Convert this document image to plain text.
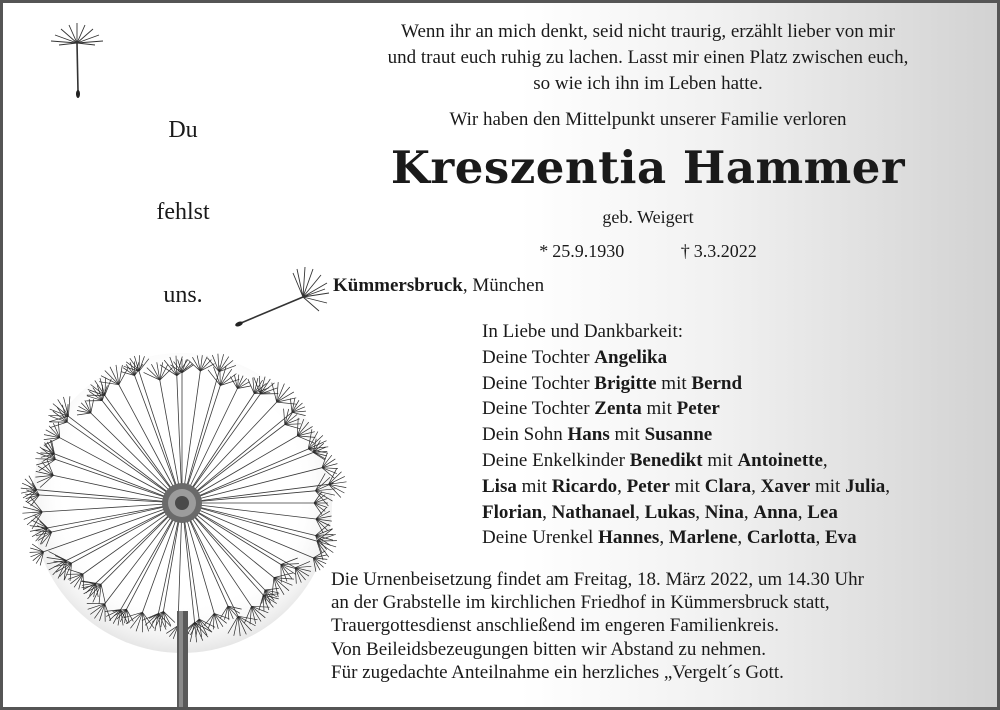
Wenn ihr an mich denkt, seid nicht traurig, erzählt lieber von mir
und traut euch ruhig zu lachen. Lasst mir einen Platz zwischen euch,
so wie ich ihn im Leben hatte.
Wir haben den Mittelpunkt unserer Familie verloren
Kreszentia Hammer
geb. Weigert
* 25.9.1930	† 3.3.2022
Kümmersbruck, München
Du
fehlst
uns.
In Liebe und Dankbarkeit:
Deine Tochter Angelika
Deine Tochter Brigitte mit Bernd
Deine Tochter Zenta mit Peter
Dein Sohn Hans mit Susanne
Deine Enkelkinder Benedikt mit Antoinette,
Lisa mit Ricardo, Peter mit Clara, Xaver mit Julia,
Florian, Nathanael, Lukas, Nina, Anna, Lea
Deine Urenkel Hannes, Marlene, Carlotta, Eva
Die Urnenbeisetzung findet am Freitag, 18. März 2022, um 14.30 Uhr
an der Grabstelle im kirchlichen Friedhof in Kümmersbruck statt,
Trauergottesdienst anschließend im engeren Familienkreis.
Von Beileidsbezeugungen bitten wir Abstand zu nehmen.
Für zugedachte Anteilnahme ein herzliches „Vergelt´s Gott.
